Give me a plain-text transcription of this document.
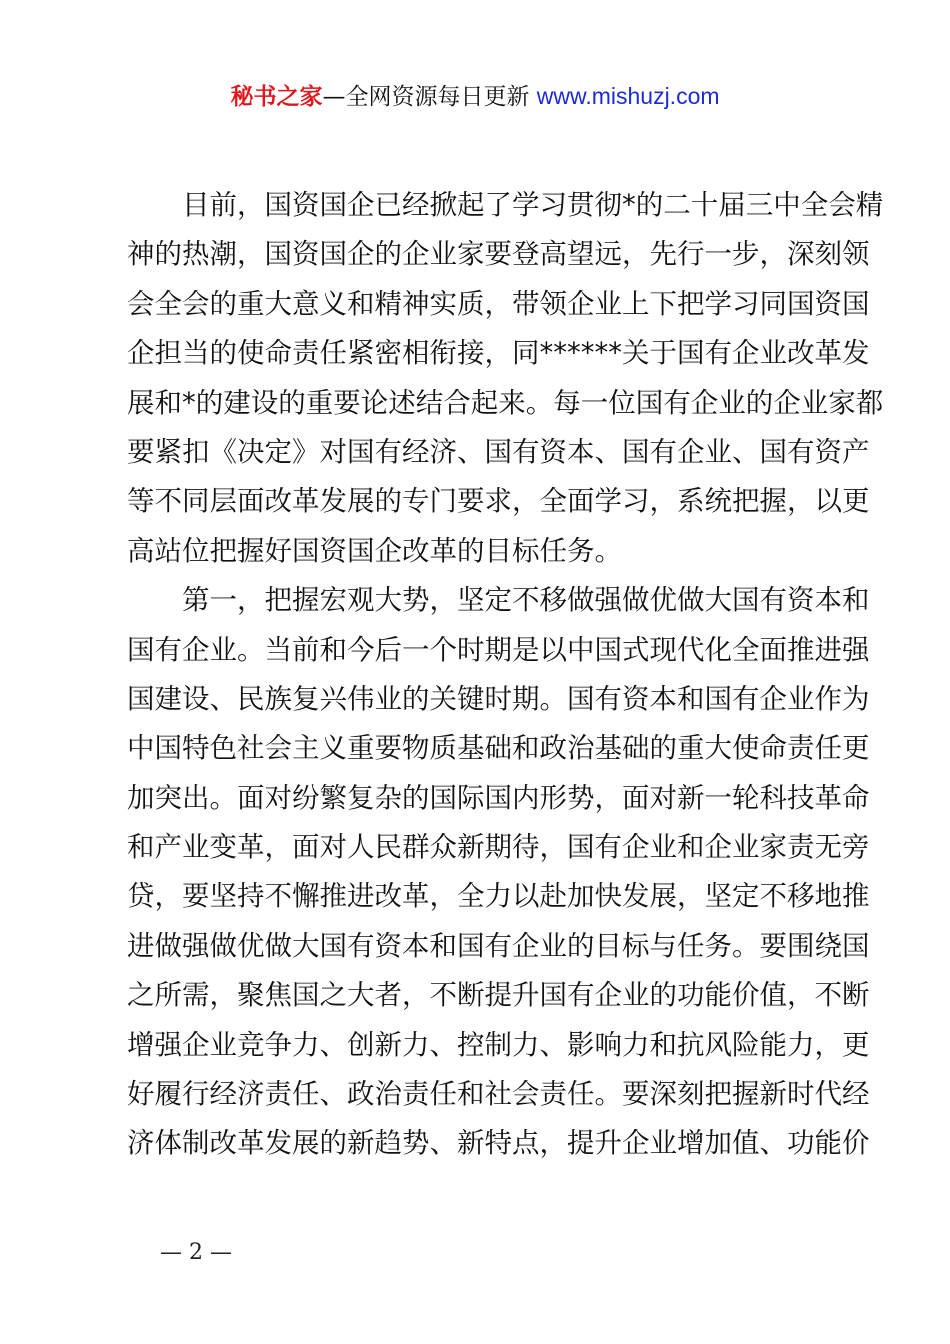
秘书之家—全网资源每日更新 www.mishuzj.com
目前，国资国企已经掀起了学习贯彻*的二十届三中全会精
神的热潮，国资国企的企业家要登高望远，先行一步，深刻领
会全会的重大意义和精神实质，带领企业上下把学习同国资国
企担当的使命责任紧密相衔接，同******关于国有企业改革发
展和*的建设的重要论述结合起来。每一位国有企业的企业家都
要紧扣《决定》对国有经济、国有资本、国有企业、国有资产
等不同层面改革发展的专门要求，全面学习，系统把握，以更
高站位把握好国资国企改革的目标任务。
第一，把握宏观大势，坚定不移做强做优做大国有资本和
国有企业。当前和今后一个时期是以中国式现代化全面推进强
国建设、民族复兴伟业的关键时期。国有资本和国有企业作为
中国特色社会主义重要物质基础和政治基础的重大使命责任更
加突出。面对纷繁复杂的国际国内形势，面对新一轮科技革命
和产业变革，面对人民群众新期待，国有企业和企业家责无旁
贷，要坚持不懈推进改革，全力以赴加快发展，坚定不移地推
进做强做优做大国有资本和国有企业的目标与任务。要围绕国
之所需，聚焦国之大者，不断提升国有企业的功能价值，不断
增强企业竞争力、创新力、控制力、影响力和抗风险能力，更
好履行经济责任、政治责任和社会责任。要深刻把握新时代经
济体制改革发展的新趋势、新特点，提升企业增加值、功能价
— 2 —
